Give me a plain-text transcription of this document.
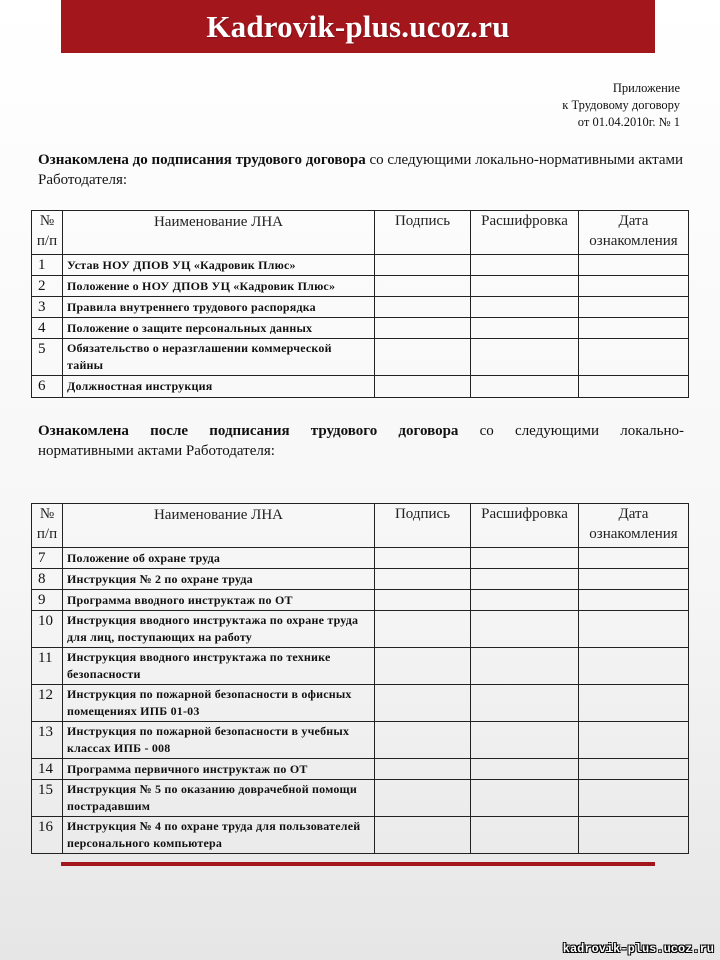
Kadrovik-plus.ucoz.ru
Приложение
к Трудовому договору
от 01.04.2010г. № 1
Ознакомлена до подписания трудового договора со следующими локально-нормативными актами Работодателя:
№ п/п	Наименование ЛНА	Подпись	Расшифровка	Дата ознакомления
1	Устав НОУ ДПОВ УЦ «Кадровик Плюс»			
2	Положение о НОУ ДПОВ УЦ «Кадровик Плюс»			
3	Правила внутреннего трудового распорядка			
4	Положение о защите персональных данных			
5	Обязательство о неразглашении коммерческой тайны			
6	Должностная инструкция			
Ознакомлена после подписания трудового договора со следующими локально-
нормативными актами Работодателя:
№ п/п	Наименование ЛНА	Подпись	Расшифровка	Дата ознакомления
7	Положение об охране труда			
8	Инструкция № 2 по охране труда			
9	Программа вводного инструктаж по ОТ			
10	Инструкция вводного инструктажа по охране труда для лиц, поступающих на работу			
11	Инструкция вводного инструктажа по технике безопасности			
12	Инструкция по пожарной безопасности в офисных помещениях ИПБ 01-03			
13	Инструкция по пожарной безопасности в учебных классах ИПБ - 008			
14	Программа первичного инструктаж по ОТ			
15	Инструкция № 5 по оказанию доврачебной помощи пострадавшим			
16	Инструкция № 4 по охране труда для пользователей персонального компьютера			
kadrovik-plus.ucoz.ru
